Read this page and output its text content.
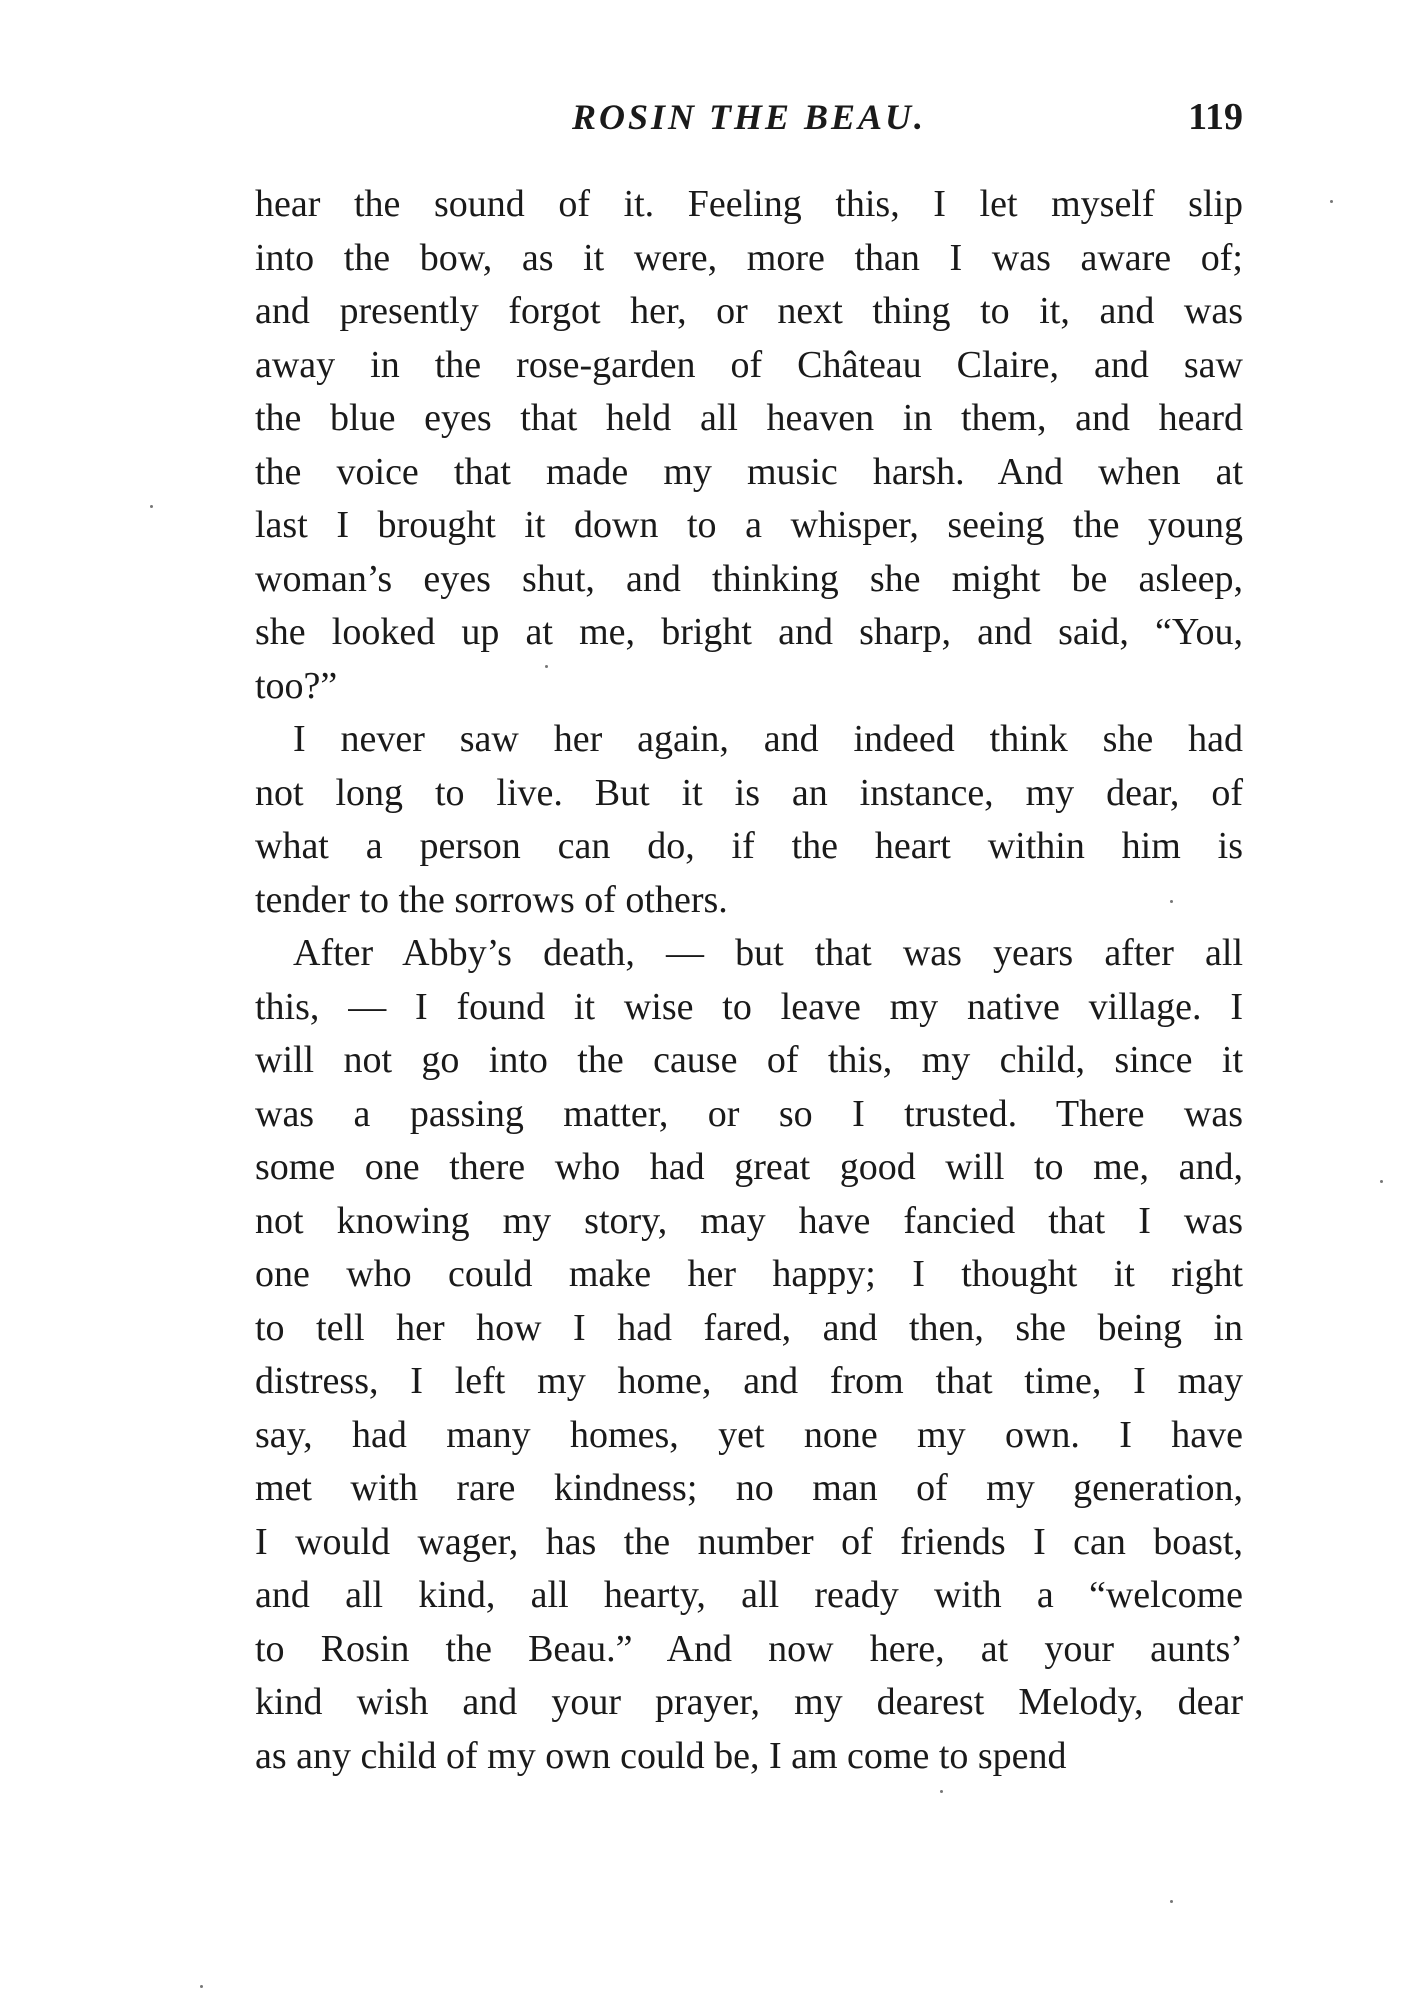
ROSIN THE BEAU.	119
hear the sound of it. Feeling this, I let myself slip
into the bow, as it were, more than I was aware of;
and presently forgot her, or next thing to it, and was
away in the rose-garden of Château Claire, and saw
the blue eyes that held all heaven in them, and heard
the voice that made my music harsh. And when at
last I brought it down to a whisper, seeing the young
woman’s eyes shut, and thinking she might be asleep,
she looked up at me, bright and sharp, and said, “You,
too?”
I never saw her again, and indeed think she had
not long to live. But it is an instance, my dear, of
what a person can do, if the heart within him is
tender to the sorrows of others.
After Abby’s death, — but that was years after all
this, — I found it wise to leave my native village. I
will not go into the cause of this, my child, since it
was a passing matter, or so I trusted. There was
some one there who had great good will to me, and,
not knowing my story, may have fancied that I was
one who could make her happy; I thought it right
to tell her how I had fared, and then, she being in
distress, I left my home, and from that time, I may
say, had many homes, yet none my own. I have
met with rare kindness; no man of my generation,
I would wager, has the number of friends I can boast,
and all kind, all hearty, all ready with a “welcome
to Rosin the Beau.” And now here, at your aunts’
kind wish and your prayer, my dearest Melody, dear
as any child of my own could be, I am come to spend
